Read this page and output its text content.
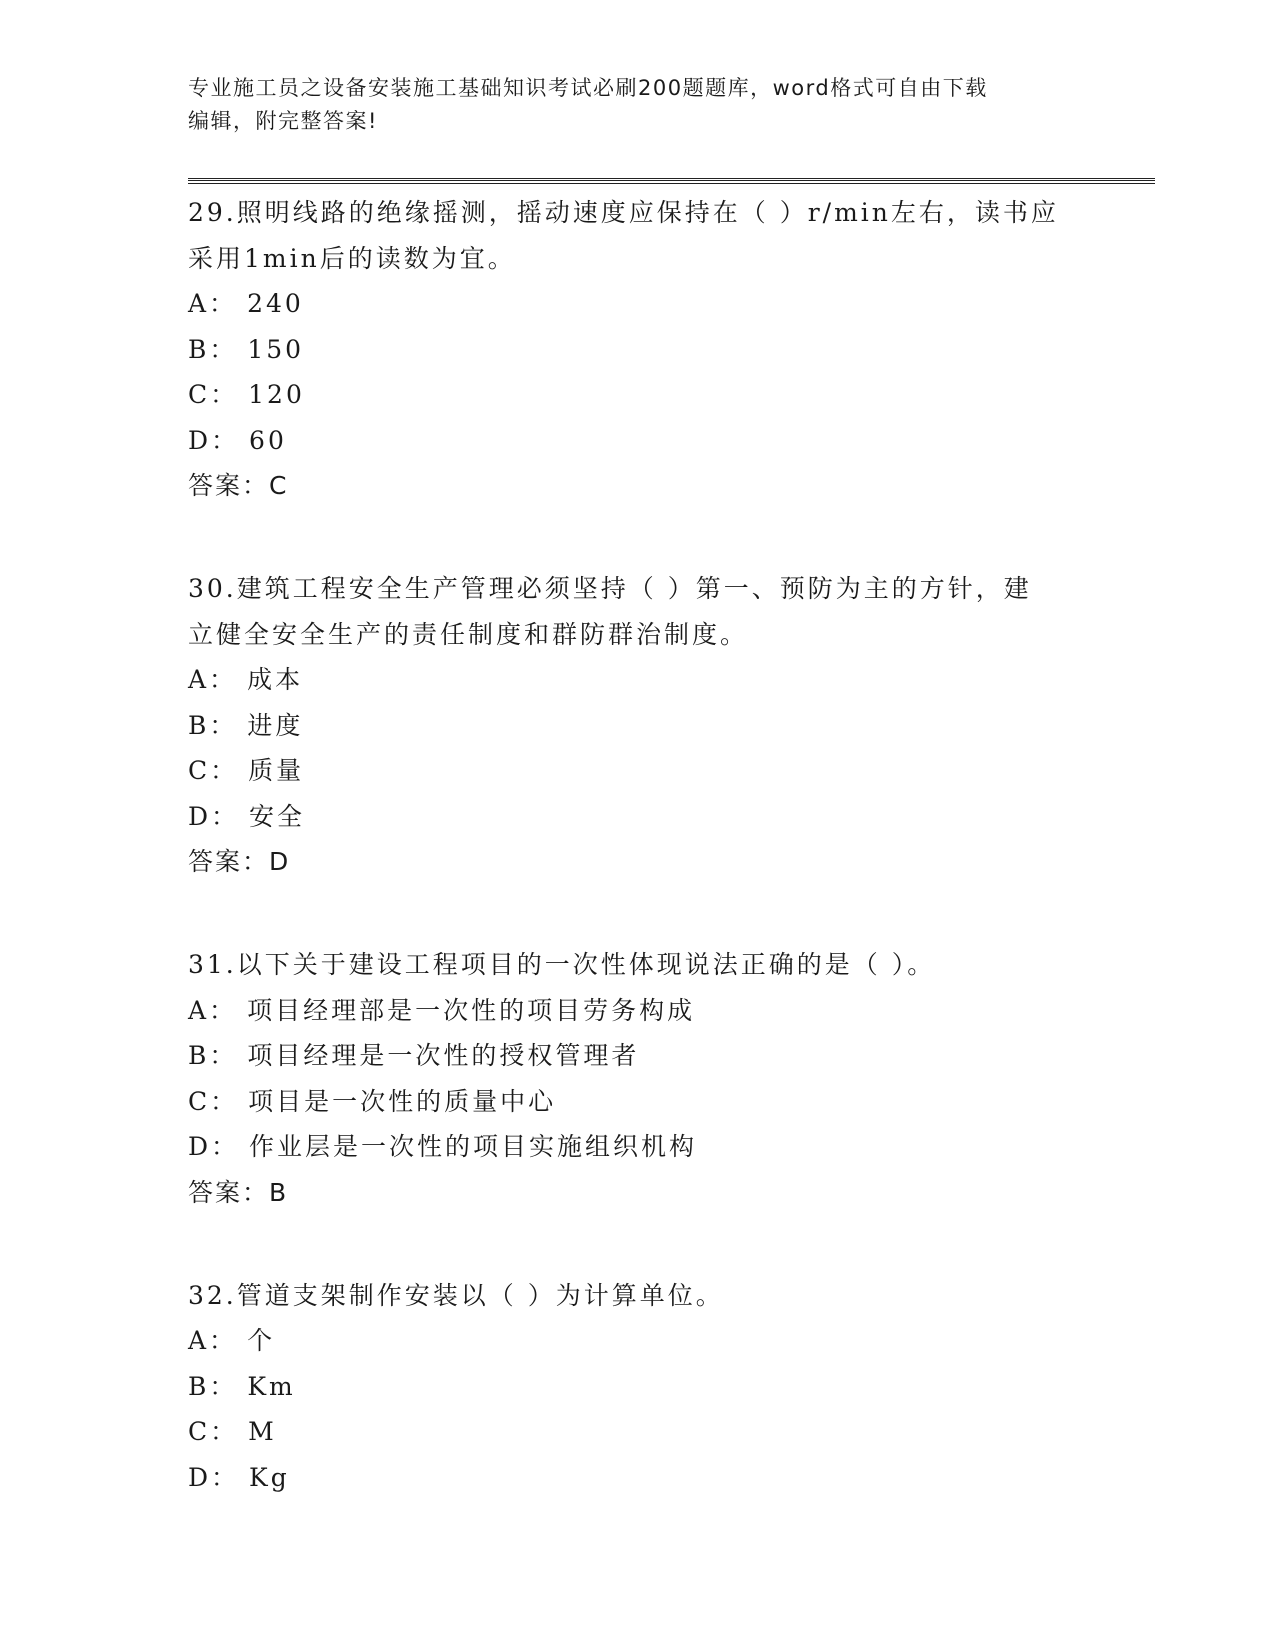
专业施工员之设备安装施工基础知识考试必刷200题题库，word格式可自由下载
编辑，附完整答案!
29.照明线路的绝缘摇测，摇动速度应保持在（ ）r/min左右，读书应
采用1min后的读数为宜。
A： 240
B： 150
C： 120
D： 60
答案：C
30.建筑工程安全生产管理必须坚持（ ）第一、预防为主的方针，建
立健全安全生产的责任制度和群防群治制度。
A： 成本
B： 进度
C： 质量
D： 安全
答案：D
31.以下关于建设工程项目的一次性体现说法正确的是（ ）。
A： 项目经理部是一次性的项目劳务构成
B： 项目经理是一次性的授权管理者
C： 项目是一次性的质量中心
D： 作业层是一次性的项目实施组织机构
答案：B
32.管道支架制作安装以（ ）为计算单位。
A： 个
B： Km
C： M
D： Kg
